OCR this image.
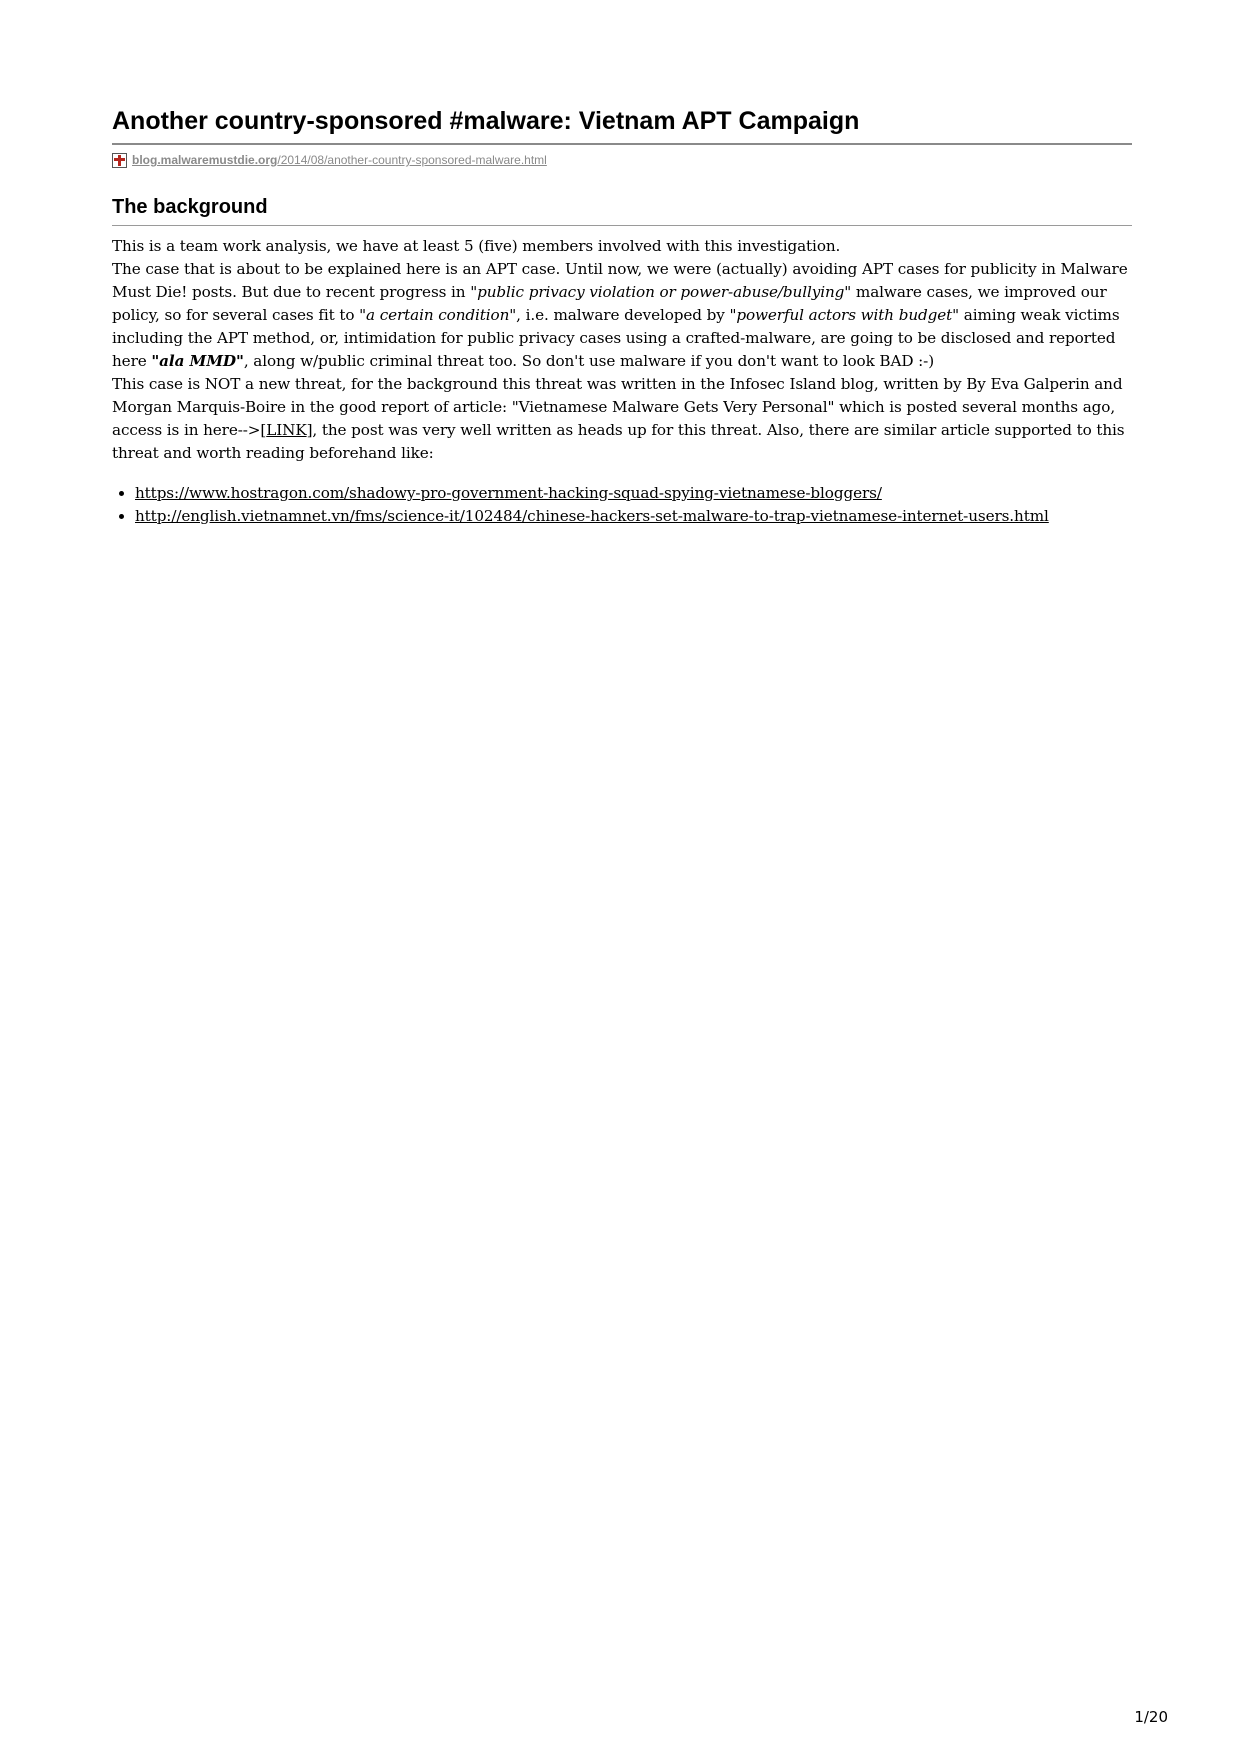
Another country-sponsored #malware: Vietnam APT Campaign
blog.malwaremustdie.org/2014/08/another-country-sponsored-malware.html
The background

This is a team work analysis, we have at least 5 (five) members involved with this investigation.

The case that is about to be explained here is an APT case. Until now, we were (actually) avoiding APT cases for publicity in Malware Must Die! posts. But due to recent progress in "public privacy violation or power-abuse/bullying" malware cases, we improved our policy, so for several cases fit to "a certain condition", i.e. malware developed by "powerful actors with budget" aiming weak victims including the APT method, or, intimidation for public privacy cases using a crafted-malware, are going to be disclosed and reported here "ala MMD", along w/public criminal threat too. So don't use malware if you don't want to look BAD :-)

This case is NOT a new threat, for the background this threat was written in the Infosec Island blog, written by By Eva Galperin and Morgan Marquis-Boire in the good report of article: "Vietnamese Malware Gets Very Personal" which is posted several months ago, access is in here-->[LINK], the post was very well written as heads up for this threat. Also, there are similar article supported to this threat and worth reading beforehand like:

• https://www.hostragon.com/shadowy-pro-government-hacking-squad-spying-vietnamese-bloggers/
• http://english.vietnamnet.vn/fms/science-it/102484/chinese-hackers-set-malware-to-trap-vietnamese-internet-users.html
1/20
